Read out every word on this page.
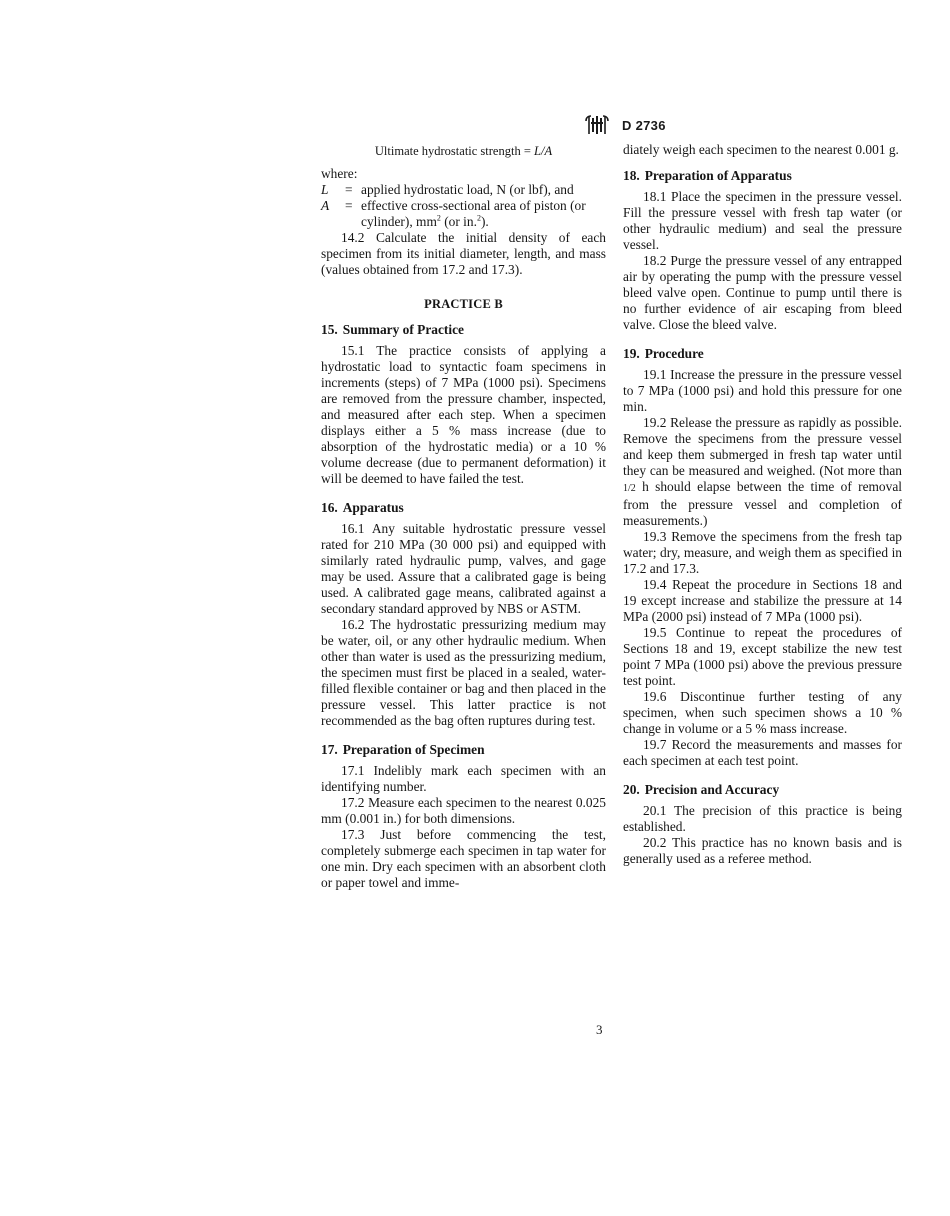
D 2736

Ultimate hydrostatic strength = L/A

where:

L	= applied hydrostatic load, N (or lbf), and
A	= effective cross-sectional area of piston (or cylinder), $mm^2$ (or in.$^2$).

14.2 Calculate the initial density of each specimen from its initial diameter, length, and mass (values obtained from 17.2 and 17.3).

PRACTICE B
15. Summary of Practice

15.1 The practice consists of applying a hydrostatic load to syntactic foam specimens in increments (steps) of 7 MPa (1000 psi). Specimens are removed from the pressure chamber, inspected, and measured after each step. When a specimen displays either a 5 % mass increase (due to absorption of the hydrostatic media) or a 10 % volume decrease (due to permanent deformation) it will be deemed to have failed the test.

16. Apparatus

16.1 Any suitable hydrostatic pressure vessel rated for 210 MPa (30 000 psi) and equipped with similarly rated hydraulic pump, valves, and gage may be used. Assure that a calibrated gage is being used. A calibrated gage means, calibrated against a secondary standard approved by NBS or ASTM.

16.2 The hydrostatic pressurizing medium may be water, oil, or any other hydraulic medium. When other than water is used as the pressurizing medium, the specimen must first be placed in a sealed, water-filled flexible container or bag and then placed in the pressure vessel. This latter practice is not recommended as the bag often ruptures during test.

17. Preparation of Specimen

17.1 Indelibly mark each specimen with an identifying number.

17.2 Measure each specimen to the nearest 0.025 mm (0.001 in.) for both dimensions.

17.3 Just before commencing the test, completely submerge each specimen in tap water for one min. Dry each specimen with an absorbent cloth or paper towel and imme-

diately weigh each specimen to the nearest 0.001 g.

18. Preparation of Apparatus

18.1 Place the specimen in the pressure vessel. Fill the pressure vessel with fresh tap water (or other hydraulic medium) and seal the pressure vessel.

18.2 Purge the pressure vessel of any entrapped air by operating the pump with the pressure vessel bleed valve open. Continue to pump until there is no further evidence of air escaping from bleed valve. Close the bleed valve.

19. Procedure

19.1 Increase the pressure in the pressure vessel to 7 MPa (1000 psi) and hold this pressure for one min.

19.2 Release the pressure as rapidly as possible. Remove the specimens from the pressure vessel and keep them submerged in fresh tap water until they can be measured and weighed. (Not more than 1/2 h should elapse between the time of removal from the pressure vessel and completion of measurements.)

19.3 Remove the specimens from the fresh tap water; dry, measure, and weigh them as specified in 17.2 and 17.3.

19.4 Repeat the procedure in Sections 18 and 19 except increase and stabilize the pressure at 14 MPa (2000 psi) instead of 7 MPa (1000 psi).

19.5 Continue to repeat the procedures of Sections 18 and 19, except stabilize the new test point 7 MPa (1000 psi) above the previous pressure test point.

19.6 Discontinue further testing of any specimen, when such specimen shows a 10 % change in volume or a 5 % mass increase.

19.7 Record the measurements and masses for each specimen at each test point.

20. Precision and Accuracy

20.1 The precision of this practice is being established.

20.2 This practice has no known basis and is generally used as a referee method.

3
